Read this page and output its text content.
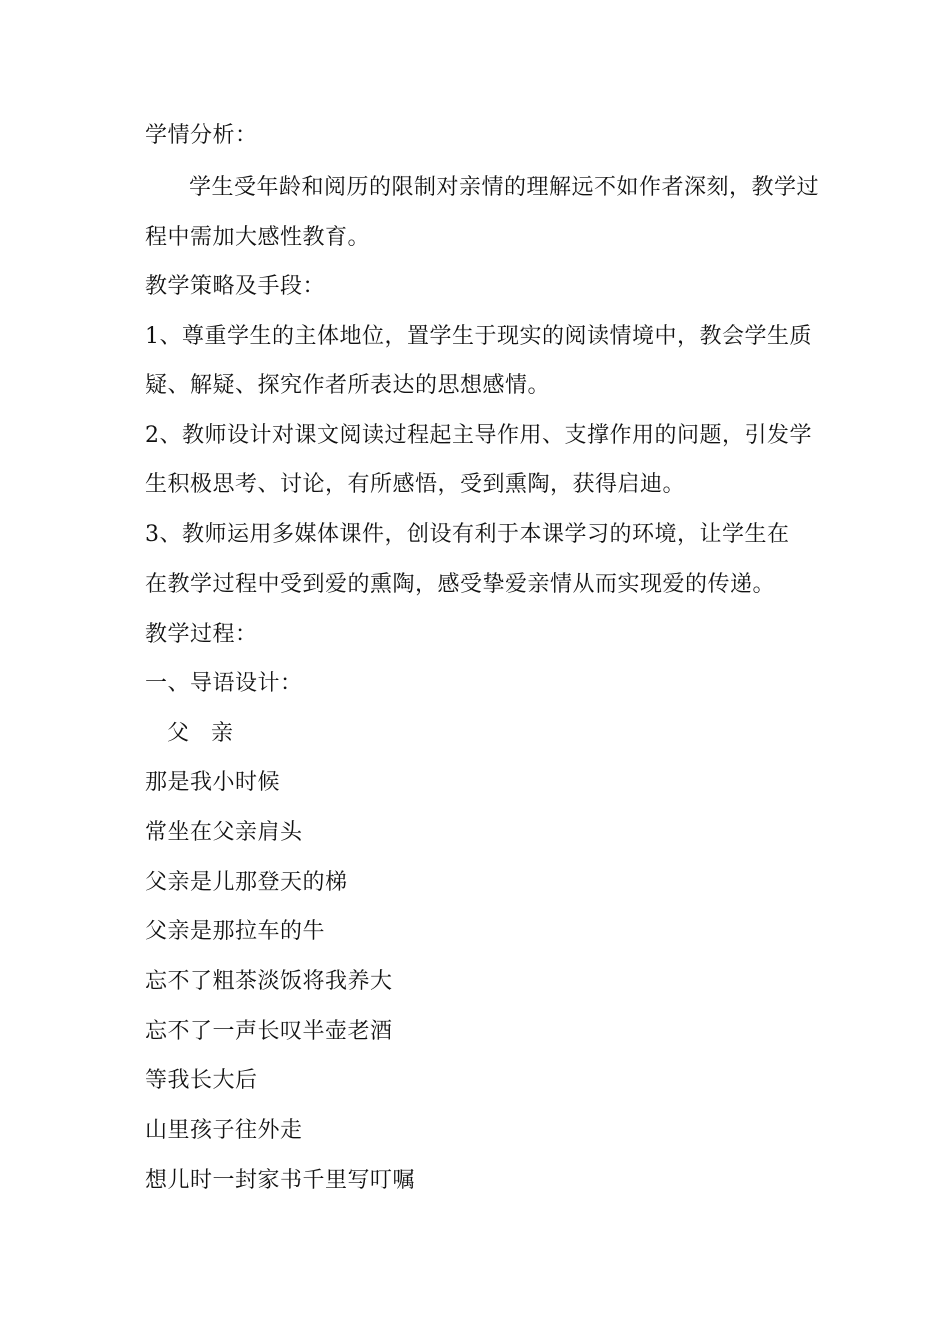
学情分析：
学生受年龄和阅历的限制对亲情的理解远不如作者深刻，教学过
程中需加大感性教育。
教学策略及手段：
1、尊重学生的主体地位，置学生于现实的阅读情境中，教会学生质
疑、解疑、探究作者所表达的思想感情。
2、教师设计对课文阅读过程起主导作用、支撑作用的问题，引发学
生积极思考、讨论，有所感悟，受到熏陶，获得启迪。
3、教师运用多媒体课件，创设有利于本课学习的环境，让学生在
在教学过程中受到爱的熏陶，感受挚爱亲情从而实现爱的传递。
教学过程：
一、导语设计：
父 亲
那是我小时候
常坐在父亲肩头
父亲是儿那登天的梯
父亲是那拉车的牛
忘不了粗茶淡饭将我养大
忘不了一声长叹半壶老酒
等我长大后
山里孩子往外走
想儿时一封家书千里写叮嘱
